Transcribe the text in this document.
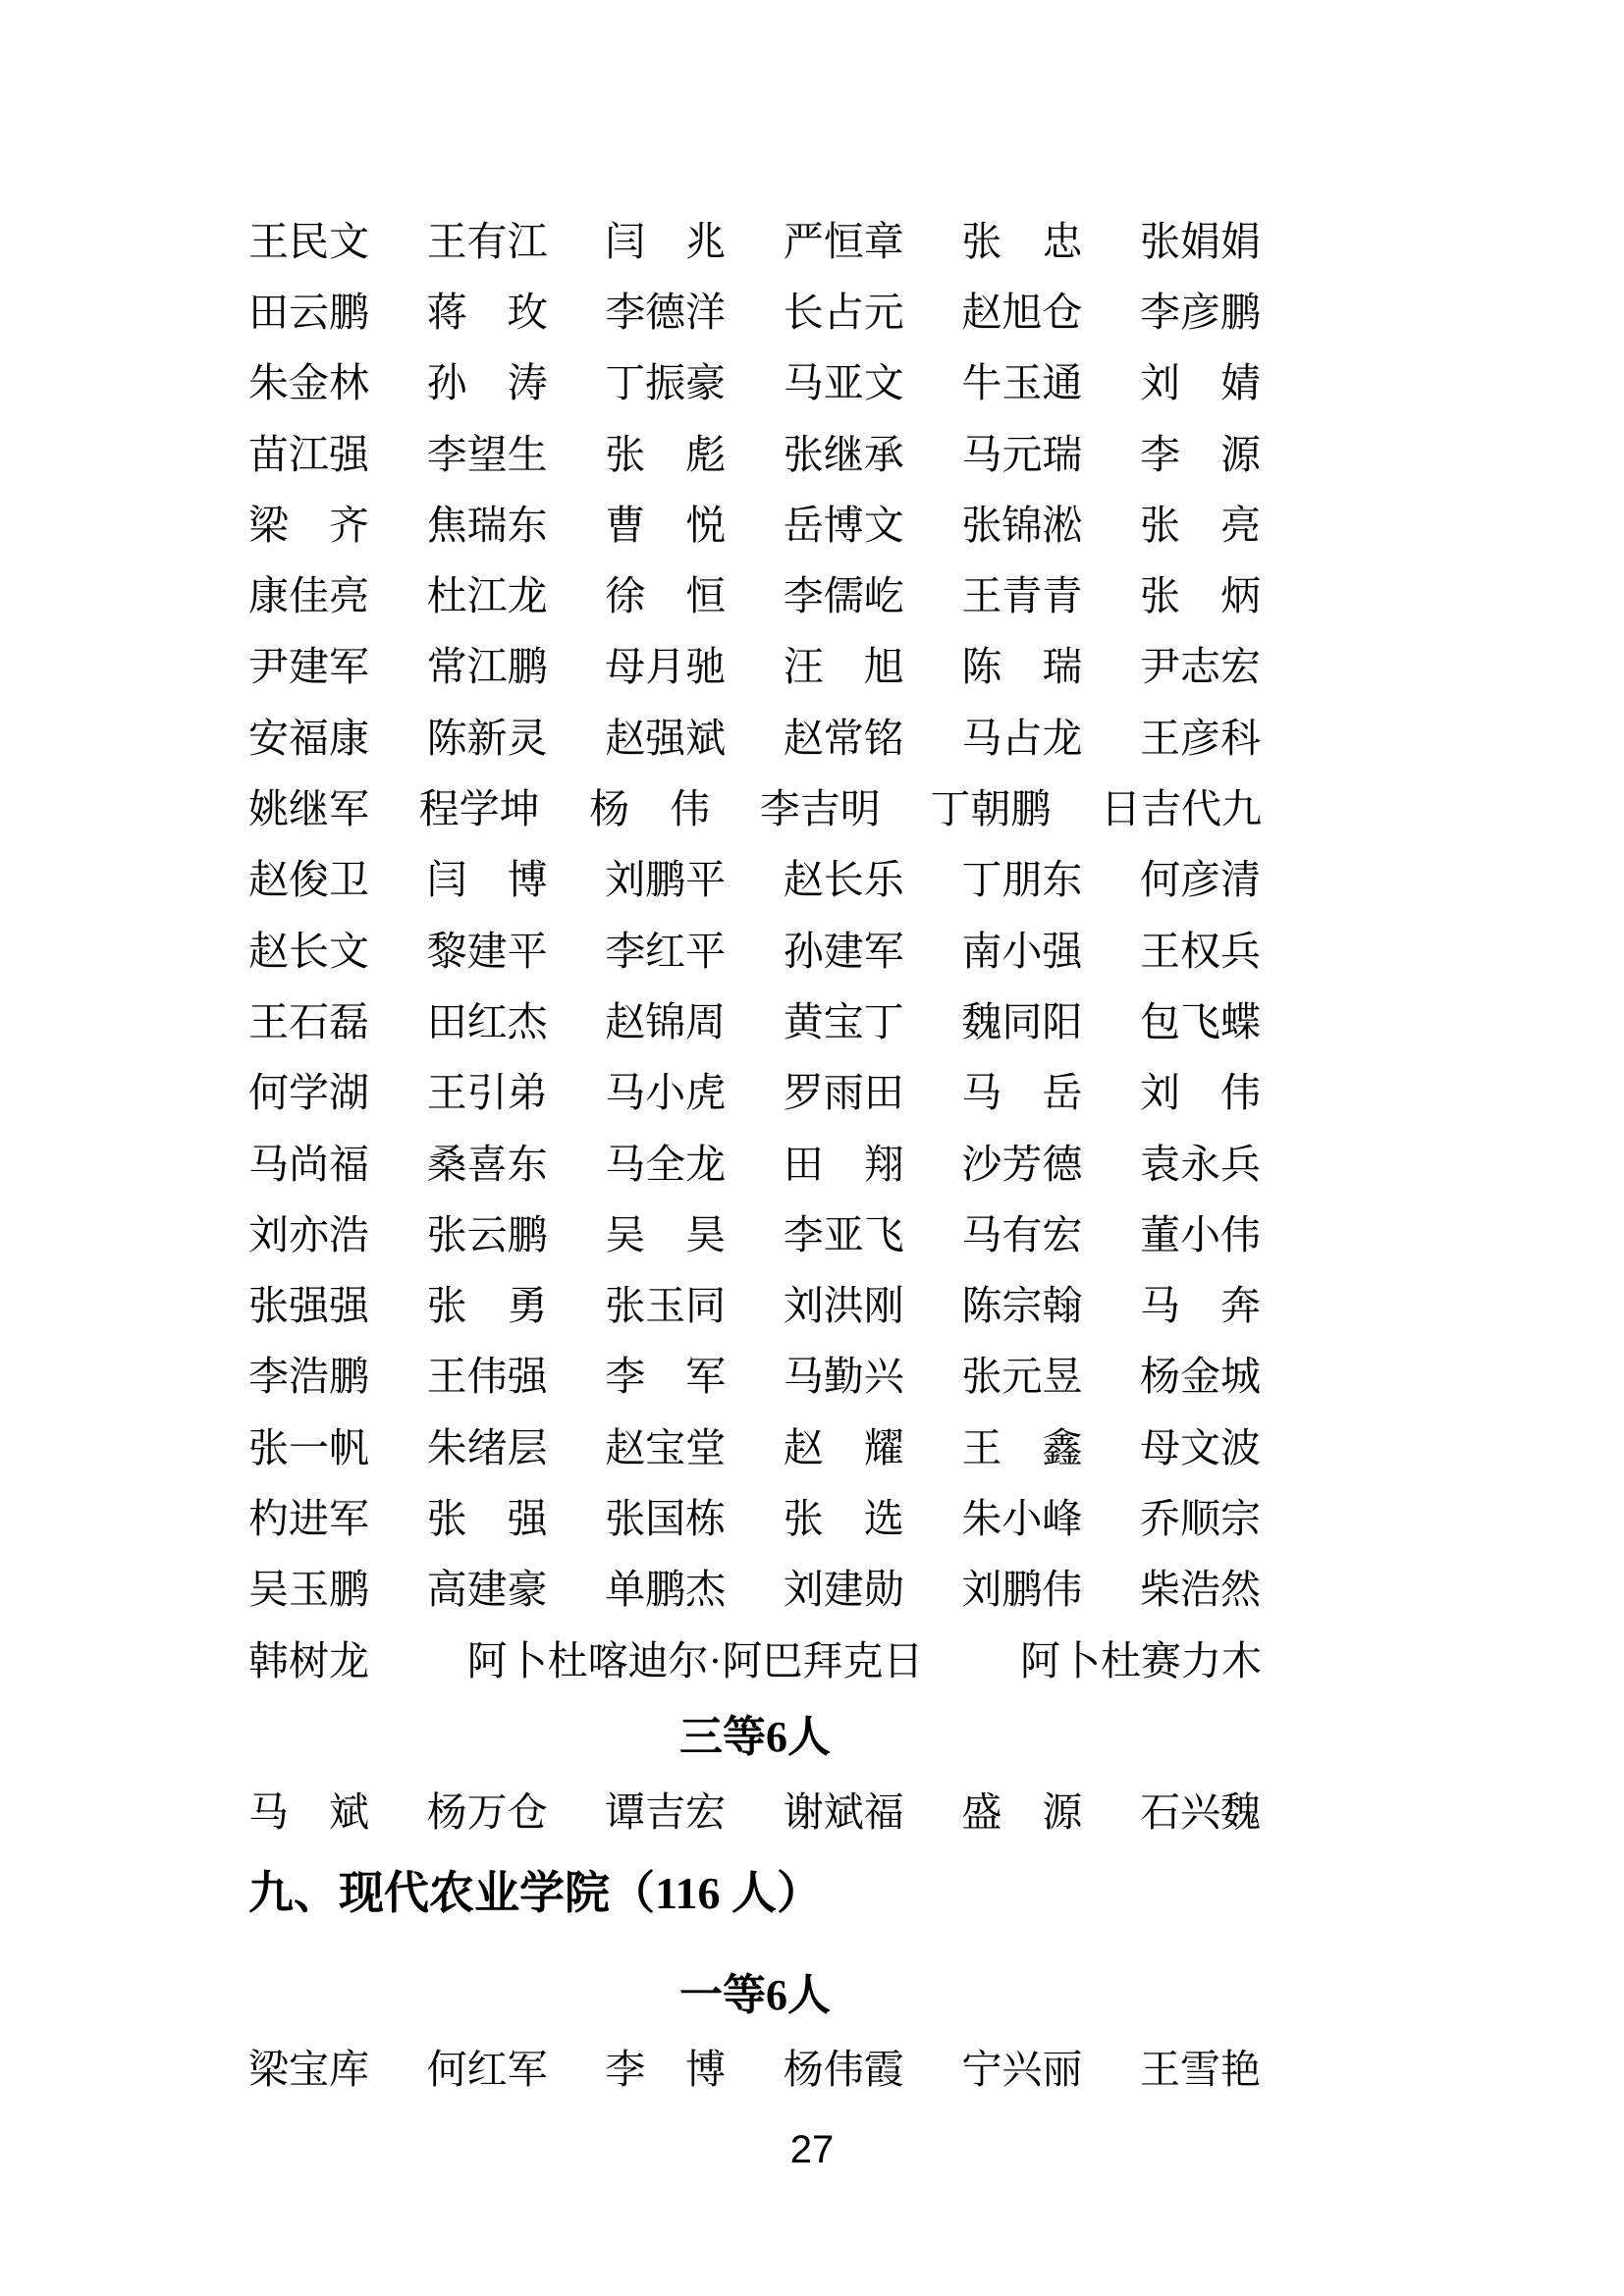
王民文 王有江 闫　兆 严恒章 张　忠 张娟娟
田云鹏 蒋　玫 李德洋 长占元 赵旭仓 李彦鹏
朱金林 孙　涛 丁振豪 马亚文 牛玉通 刘　婧
苗江强 李望生 张　彪 张继承 马元瑞 李　源
梁　齐 焦瑞东 曹　悦 岳博文 张锦淞 张　亮
康佳亮 杜江龙 徐　恒 李儒屹 王青青 张　炳
尹建军 常江鹏 母月驰 汪　旭 陈　瑞 尹志宏
安福康 陈新灵 赵强斌 赵常铭 马占龙 王彦科
姚继军 程学坤 杨　伟 李吉明 丁朝鹏 日吉代九
赵俊卫 闫　博 刘鹏平 赵长乐 丁朋东 何彦清
赵长文 黎建平 李红平 孙建军 南小强 王权兵
王石磊 田红杰 赵锦周 黄宝丁 魏同阳 包飞蝶
何学湖 王引弟 马小虎 罗雨田 马　岳 刘　伟
马尚福 桑喜东 马全龙 田　翔 沙芳德 袁永兵
刘亦浩 张云鹏 吴　昊 李亚飞 马有宏 董小伟
张强强 张　勇 张玉同 刘洪刚 陈宗翰 马　奔
李浩鹏 王伟强 李　军 马勤兴 张元昱 杨金城
张一帆 朱绪层 赵宝堂 赵　耀 王　鑫 母文波
杓进军 张　强 张国栋 张　选 朱小峰 乔顺宗
吴玉鹏 高建豪 单鹏杰 刘建勋 刘鹏伟 柴浩然
韩树龙 阿卜杜喀迪尔·阿巴拜克日 阿卜杜赛力木
三等6人
马　斌 杨万仓 谭吉宏 谢斌福 盛　源 石兴魏
九、现代农业学院（116 人）
一等6人
梁宝库 何红军 李　博 杨伟霞 宁兴丽 王雪艳
27
